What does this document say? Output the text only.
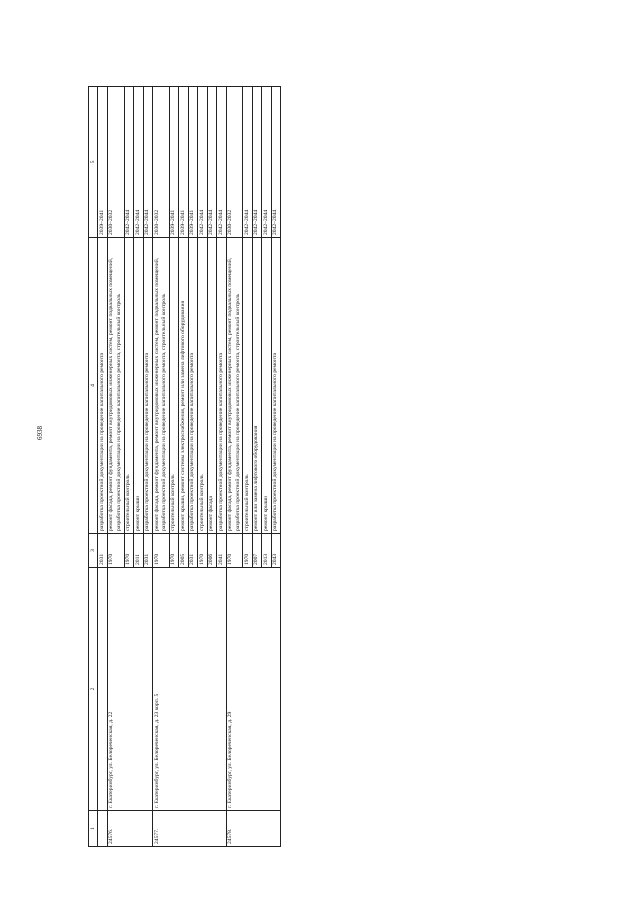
6938
1	2	3	4	5
		2031	разработка проектной документации на проведение капитального ремонта	2039–2041
24576.	г. Екатеринбург, ул. Белореченская, д. 22	1970	ремонт фасада, ремонт фундамента, ремонт внутридомовых инженерных систем, ремонт подвальных помещений, разработка проектной документации на проведение капитального ремонта, строительный контроль	2030–2032
		1970	строительный контроль	2042–2044
		2011	ремонт крыши	2042–2044
		2031	разработка проектной документации на проведение капитального ремонта	2042–2044
24577.	г. Екатеринбург, ул. Белореченская, д. 23 корп. 5	1970	ремонт фасада, ремонт фундамента, ремонт внутридомовых инженерных систем, ремонт подвальных помещений, разработка проектной документации на проведение капитального ремонта, строительный контроль	2030–2032
		1970	строительный контроль	2039–2041
		2005	ремонт крыши, ремонт системы электроснабжения, ремонт или замена лифтового оборудования	2039–2041
		2031	разработка проектной документации на проведение капитального ремонта	2039–2041
		1970	строительный контроль	2042–2044
		2006	ремонт фасада	2042–2044
		2041	разработка проектной документации на проведение капитального ремонта	2042–2044
24578.	г. Екатеринбург, ул. Белореченская, д. 29	1970	ремонт фасада, ремонт фундамента, ремонт внутридомовых инженерных систем, ремонт подвальных помещений, разработка проектной документации на проведение капитального ремонта, строительный контроль	2030–2032
		1970	строительный контроль	2042–2044
		2007	ремонт или замена лифтового оборудования	2042–2044
		2013	ремонт крыши	2042–2044
		2043	разработка проектной документации на проведение капитального ремонта	2042–2044
